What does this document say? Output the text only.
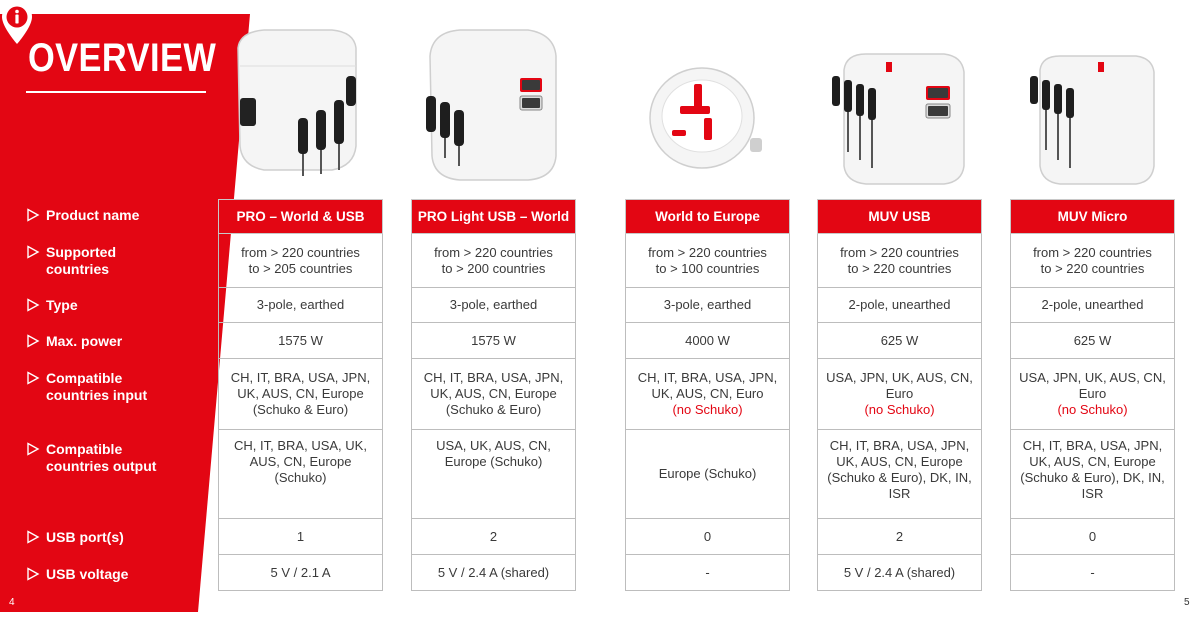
OVERVIEW
Product name
Supported
countries
Type
Max. power
Compatible
countries input
Compatible
countries output
USB port(s)
USB voltage
PRO – World & USB
from > 220 countries
to > 205 countries
3-pole, earthed
1575 W
CH, IT, BRA, USA, JPN, UK, AUS, CN, Europe (Schuko & Euro)
CH, IT, BRA, USA, UK, AUS, CN, Europe (Schuko)
1
5 V / 2.1 A
PRO Light USB – World
from > 220 countries
to > 200 countries
3-pole, earthed
1575 W
CH, IT, BRA, USA, JPN, UK, AUS, CN, Europe (Schuko & Euro)
USA, UK, AUS, CN, Europe (Schuko)
2
5 V / 2.4 A (shared)
World to Europe
from > 220 countries
to > 100 countries
3-pole, earthed
4000 W
CH, IT, BRA, USA, JPN, UK, AUS, CN, Euro
(no Schuko)
Europe (Schuko)
0
-
MUV USB
from > 220 countries
to > 220 countries
2-pole, unearthed
625 W
USA, JPN, UK, AUS, CN, Euro
(no Schuko)
CH, IT, BRA, USA, JPN, UK, AUS, CN, Europe (Schuko & Euro), DK, IN, ISR
2
5 V / 2.4 A (shared)
MUV Micro
from > 220 countries
to > 220 countries
2-pole, unearthed
625 W
USA, JPN, UK, AUS, CN, Euro
(no Schuko)
CH, IT, BRA, USA, JPN, UK, AUS, CN, Europe (Schuko & Euro), DK, IN, ISR
0
-
4	5
